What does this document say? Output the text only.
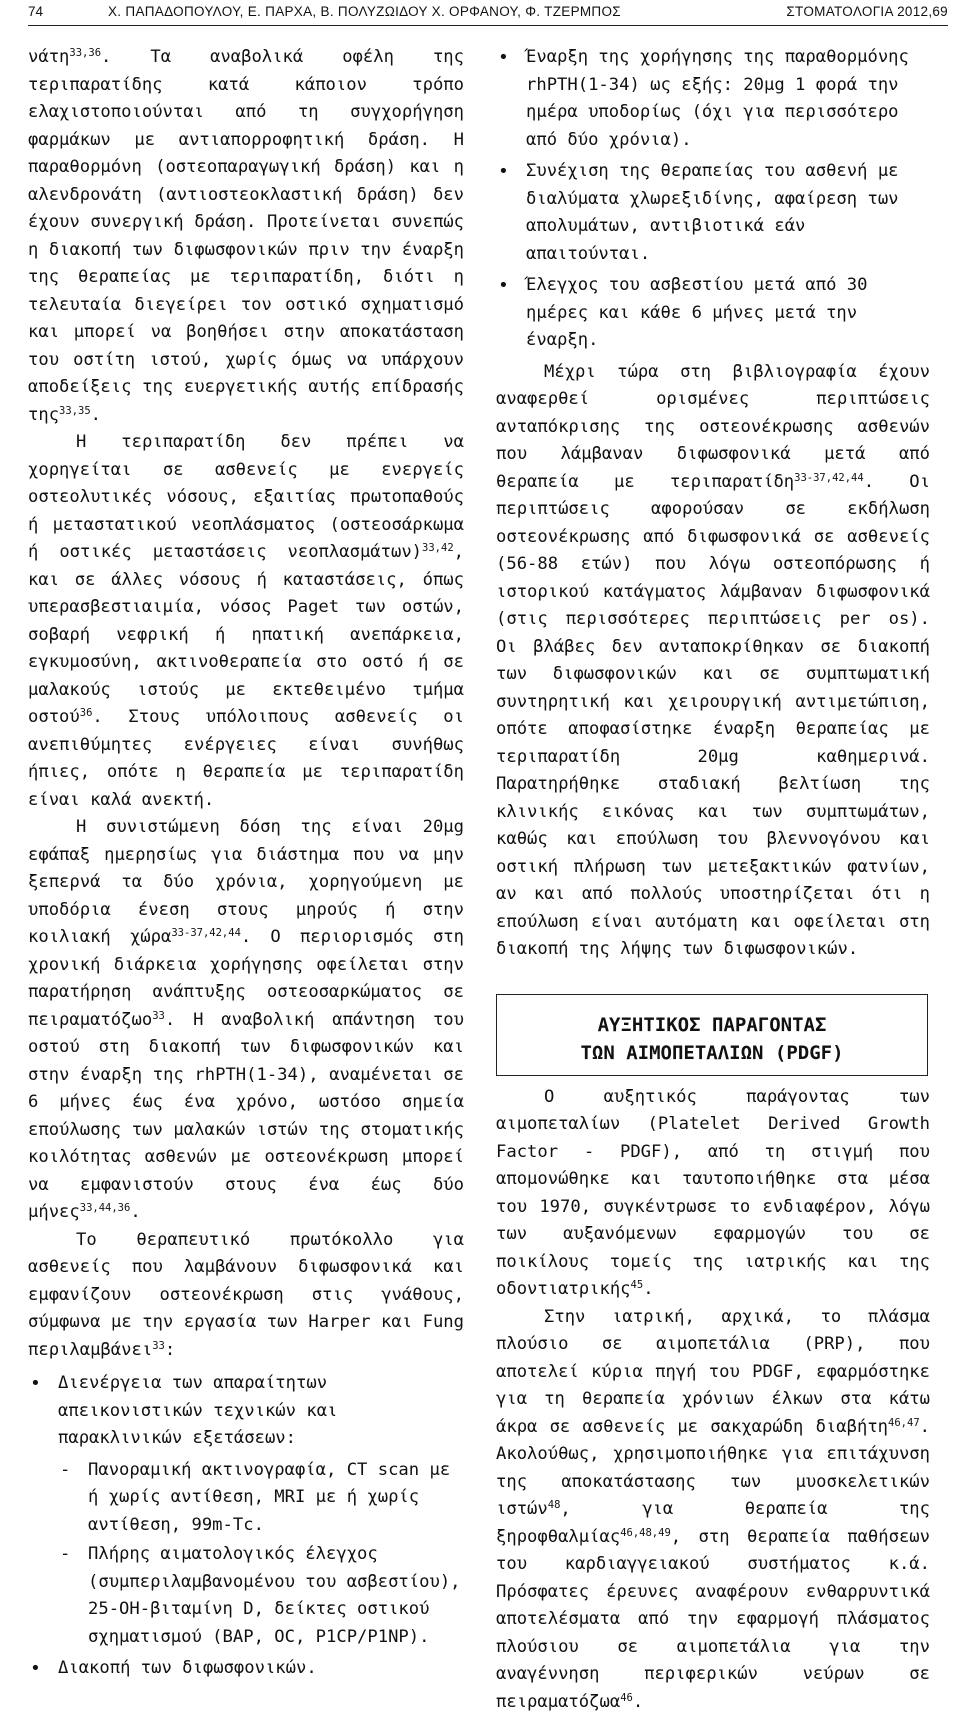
74	Χ. ΠΑΠΑΔΟΠΟΥΛΟΥ, Ε. ΠΑΡΧΑ, Β. ΠΟΛΥΖΩΙΔΟΥ Χ. ΟΡΦΑΝΟΥ, Φ. ΤΖΕΡΜΠΟΣ	ΣΤΟΜΑΤΟΛΟΓΙΑ 2012,69

νάτη$^{33,36}$. Τα αναβολικά οφέλη της τεριπαρατίδης κατά κάποιον τρόπο ελαχιστοποιούνται από τη συγχορήγηση φαρμάκων με αντιαπορροφητική δράση. Η παραθορμόνη (οστεοπαραγωγική δράση) και η αλενδρονάτη (αντιοστεοκλαστική δράση) δεν έχουν συνεργική δράση. Προτείνεται συνεπώς η διακοπή των διφωσφονικών πριν την έναρξη της θεραπείας με τεριπαρατίδη, διότι η τελευταία διεγείρει τον οστικό σχηματισμό και μπορεί να βοηθήσει στην αποκατάσταση του οστίτη ιστού, χωρίς όμως να υπάρχουν αποδείξεις της ευεργετικής αυτής επίδρασής της$^{33,35}$.

Η τεριπαρατίδη δεν πρέπει να χορηγείται σε ασθενείς με ενεργείς οστεολυτικές νόσους, εξαιτίας πρωτοπαθούς ή μεταστατικού νεοπλάσματος (οστεοσάρκωμα ή οστικές μεταστάσεις νεοπλασμάτων)$^{33,42}$, και σε άλλες νόσους ή καταστάσεις, όπως υπερασβεστιαιμία, νόσος Paget των οστών, σοβαρή νεφρική ή ηπατική ανεπάρκεια, εγκυμοσύνη, ακτινοθεραπεία στο οστό ή σε μαλακούς ιστούς με εκτεθειμένο τμήμα οστού$^{36}$. Στους υπόλοιπους ασθενείς οι ανεπιθύμητες ενέργειες είναι συνήθως ήπιες, οπότε η θεραπεία με τεριπαρατίδη είναι καλά ανεκτή.

Η συνιστώμενη δόση της είναι 20μg εφάπαξ ημερησίως για διάστημα που να μην ξεπερνά τα δύο χρόνια, χορηγούμενη με υποδόρια ένεση στους μηρούς ή στην κοιλιακή χώρα$^{33-37,42,44}$. Ο περιορισμός στη χρονική διάρκεια χορήγησης οφείλεται στην παρατήρηση ανάπτυξης οστεοσαρκώματος σε πειραματόζωο$^{33}$. Η αναβολική απάντηση του οστού στη διακοπή των διφωσφονικών και στην έναρξη της rhPTH(1-34), αναμένεται σε 6 μήνες έως ένα χρόνο, ωστόσο σημεία επούλωσης των μαλακών ιστών της στοματικής κοιλότητας ασθενών με οστεονέκρωση μπορεί να εμφανιστούν στους ένα έως δύο μήνες$^{33,44,36}$.

Το θεραπευτικό πρωτόκολλο για ασθενείς που λαμβάνουν διφωσφονικά και εμφανίζουν οστεονέκρωση στις γνάθους, σύμφωνα με την εργασία των Harper και Fung περιλαμβάνει$^{33}$:

• Διενέργεια των απαραίτητων απεικονιστικών τεχνικών και παρακλινικών εξετάσεων:
- Πανοραμική ακτινογραφία, CT scan με ή χωρίς αντίθεση, MRI με ή χωρίς αντίθεση, 99m-Tc.
- Πλήρης αιματολογικός έλεγχος (συμπεριλαμβανομένου του ασβεστίου), 25-OH-βιταμίνη D, δείκτες οστικού σχηματισμού (BAP, OC, P1CP/P1NP).
• Διακοπή των διφωσφονικών.
• Έναρξη της χορήγησης της παραθορμόνης rhPTH(1-34) ως εξής: 20μg 1 φορά την ημέρα υποδορίως (όχι για περισσότερο από δύο χρόνια).
• Συνέχιση της θεραπείας του ασθενή με διαλύματα χλωρεξιδίνης, αφαίρεση των απολυμάτων, αντιβιοτικά εάν απαιτούνται.
• Έλεγχος του ασβεστίου μετά από 30 ημέρες και κάθε 6 μήνες μετά την έναρξη.

Μέχρι τώρα στη βιβλιογραφία έχουν αναφερθεί ορισμένες περιπτώσεις ανταπόκρισης της οστεονέκρωσης ασθενών που λάμβαναν διφωσφονικά μετά από θεραπεία με τεριπαρατίδη$^{33-37,42,44}$. Οι περιπτώσεις αφορούσαν σε εκδήλωση οστεονέκρωσης από διφωσφονικά σε ασθενείς (56-88 ετών) που λόγω οστεοπόρωσης ή ιστορικού κατάγματος λάμβαναν διφωσφονικά (στις περισσότερες περιπτώσεις per os). Οι βλάβες δεν ανταποκρίθηκαν σε διακοπή των διφωσφονικών και σε συμπτωματική συντηρητική και χειρουργική αντιμετώπιση, οπότε αποφασίστηκε έναρξη θεραπείας με τεριπαρατίδη 20μg καθημερινά. Παρατηρήθηκε σταδιακή βελτίωση της κλινικής εικόνας και των συμπτωμάτων, καθώς και επούλωση του βλεννογόνου και οστική πλήρωση των μετεξακτικών φατνίων, αν και από πολλούς υποστηρίζεται ότι η επούλωση είναι αυτόματη και οφείλεται στη διακοπή της λήψης των διφωσφονικών.

ΑΥΞΗΤΙΚΟΣ ΠΑΡΑΓΟΝΤΑΣ
ΤΩΝ ΑΙΜΟΠΕΤΑΛΙΩΝ (PDGF)

Ο αυξητικός παράγοντας των αιμοπεταλίων (Platelet Derived Growth Factor - PDGF), από τη στιγμή που απομονώθηκε και ταυτοποιήθηκε στα μέσα του 1970, συγκέντρωσε το ενδιαφέρον, λόγω των αυξανόμενων εφαρμογών του σε ποικίλους τομείς της ιατρικής και της οδοντιατρικής$^{45}$.

Στην ιατρική, αρχικά, το πλάσμα πλούσιο σε αιμοπετάλια (PRP), που αποτελεί κύρια πηγή του PDGF, εφαρμόστηκε για τη θεραπεία χρόνιων έλκων στα κάτω άκρα σε ασθενείς με σακχαρώδη διαβήτη$^{46,47}$. Ακολούθως, χρησιμοποιήθηκε για επιτάχυνση της αποκατάστασης των μυοσκελετικών ιστών$^{48}$, για θεραπεία της ξηροφθαλμίας$^{46,48,49}$, στη θεραπεία παθήσεων του καρδιαγγειακού συστήματος κ.ά. Πρόσφατες έρευνες αναφέρουν ενθαρρυντικά αποτελέσματα από την εφαρμογή πλάσματος πλούσιου σε αιμοπετάλια για την αναγέννηση περιφερικών νεύρων σε πειραματόζωα$^{46}$.
